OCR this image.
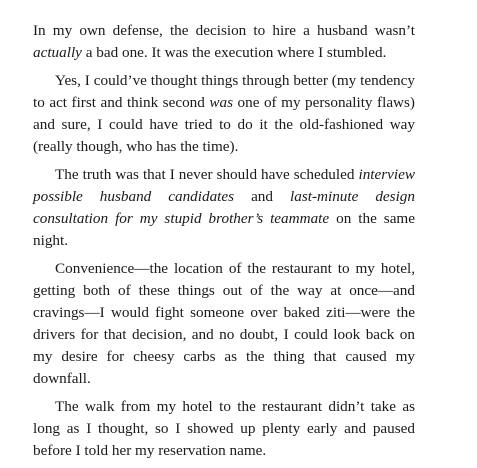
In my own defense, the decision to hire a husband wasn’t actually a bad one. It was the execution where I stumbled.

Yes, I could’ve thought things through better (my tendency to act first and think second was one of my personality flaws) and sure, I could have tried to do it the old-fashioned way (really though, who has the time).

The truth was that I never should have scheduled interview possible husband candidates and last-minute design consultation for my stupid brother’s teammate on the same night.

Convenience—the location of the restaurant to my hotel, getting both of these things out of the way at once—and cravings—I would fight someone over baked ziti—were the drivers for that decision, and no doubt, I could look back on my desire for cheesy carbs as the thing that caused my downfall.

The walk from my hotel to the restaurant didn’t take as long as I thought, so I showed up plenty early and paused before I told her my reservation name.
